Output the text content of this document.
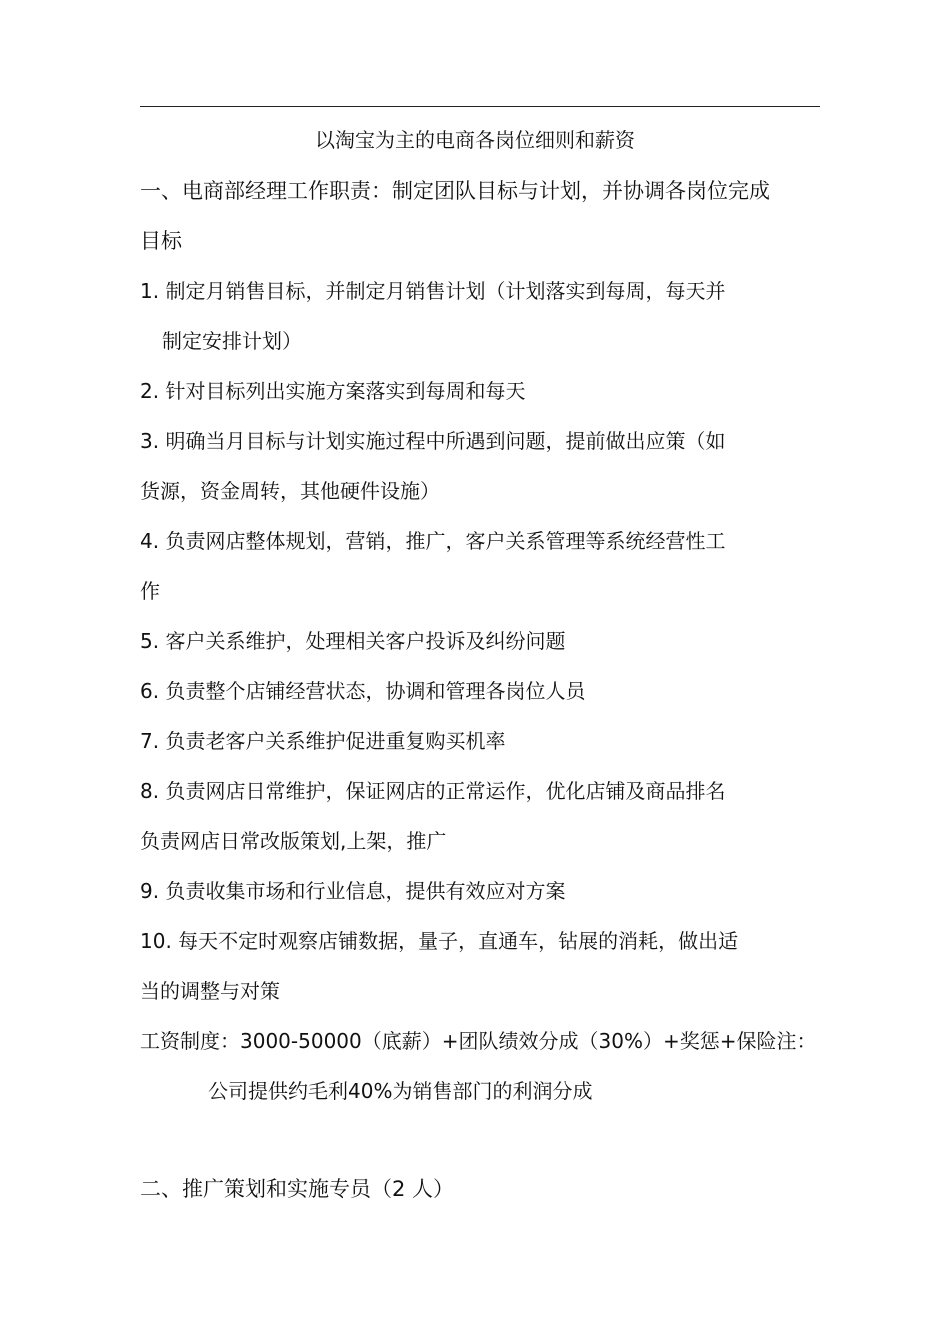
以淘宝为主的电商各岗位细则和薪资
一、电商部经理工作职责：制定团队目标与计划，并协调各岗位完成
目标
1. 制定月销售目标，并制定月销售计划（计划落实到每周，每天并
制定安排计划）
2. 针对目标列出实施方案落实到每周和每天
3. 明确当月目标与计划实施过程中所遇到问题，提前做出应策（如
货源，资金周转，其他硬件设施）
4. 负责网店整体规划，营销，推广，客户关系管理等系统经营性工
作
5. 客户关系维护，处理相关客户投诉及纠纷问题
6. 负责整个店铺经营状态，协调和管理各岗位人员
7. 负责老客户关系维护促进重复购买机率
8. 负责网店日常维护，保证网店的正常运作，优化店铺及商品排名
负责网店日常改版策划,上架，推广
9. 负责收集市场和行业信息，提供有效应对方案
10. 每天不定时观察店铺数据，量子，直通车，钻展的消耗，做出适
当的调整与对策
工资制度：3000-50000（底薪）+团队绩效分成（30%）+奖惩+保险注：
公司提供约毛利40%为销售部门的利润分成
二、推广策划和实施专员（2 人）
